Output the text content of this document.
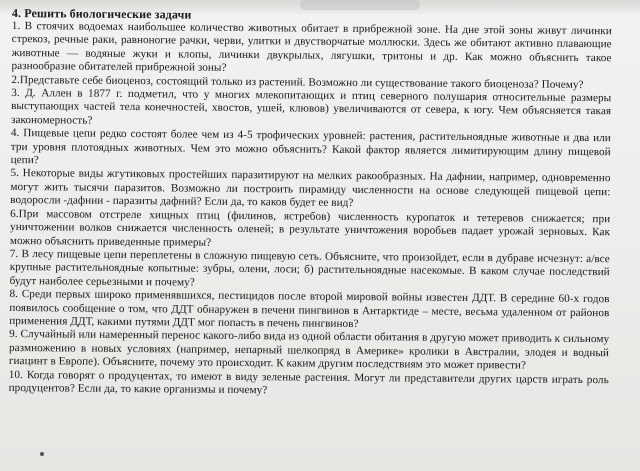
4. Решить биологические задачи

1. В стоячих водоемах наибольшее количество животных обитает в прибрежной зоне. На дне этой зоны живут личинки стрекоз, речные раки, равноногие рачки, черви, улитки и двустворчатые моллюски. Здесь же обитают активно плавающие животные — водяные жуки и клопы, личинки двукрылых, лягушки, тритоны и др. Как можно объяснить такое разнообразие обитателей прибрежной зоны?

2.Представьте себе биоценоз, состоящий только из растений. Возможно ли существование такого биоценоза? Почему?

3. Д. Аллен в 1877 г. подметил, что у многих млекопитающих и птиц северного полушария относительные размеры выступающих частей тела конечностей, хвостов, ушей, клювов) увеличиваются от севера, к югу. Чем объясняется такая закономерность?

4. Пищевые цепи редко состоят более чем из 4-5 трофических уровней: растения, растительноядные животные и два или три уровня плотоядных животных. Чем это можно объяснить? Какой фактор является лимитирующим длину пищевой цепи?

5. Некоторые виды жгутиковых простейших паразитируют на мелких ракообразных. На дафнии, например, одновременно могут жить тысячи паразитов. Возможно ли построить пирамиду численности на основе следующей пищевой цепи: водоросли -дафнии - паразиты дафний? Если да, то каков будет ее вид?

6.При массовом отстреле хищных птиц (филинов, ястребов) численность куропаток и тетеревов снижается; при уничтожении волков снижается численность оленей; в результате уничтожения воробьев падает урожай зерновых. Как можно объяснить приведенные примеры?

7. В лесу пищевые цепи переплетены в сложную пищевую сеть. Объясните, что произойдет, если в дубраве исчезнут: а/все крупные растительноядные копытные: зубры, олени, лоси; б) растительноядные насекомые. В каком случае последствий будут наиболее серьезными и почему?

8. Среди первых широко применявшихся, пестицидов после второй мировой войны известен ДДТ. В середине 60-х годов появилось сообщение о том, что ДДТ обнаружен в печени пингвинов в Антарктиде – месте, весьма удаленном от районов применения ДДТ, какими путями ДДТ мог попасть в печень пингвинов?

9. Случайный или намеренный перенос какого-либо вида из одной области обитания в другую может приводить к сильному размножению в новых условиях (например, непарный шелкопряд в Америке» кролики в Австралии, элодея и водный гиацинт в Европе). Объясните, почему это происходит. К каким другим последствиям это может привести?

10. Когда говорят о продуцентах, то имеют в виду зеленые растения. Могут ли представители других царств играть роль продуцентов? Если да, то какие организмы и почему?
